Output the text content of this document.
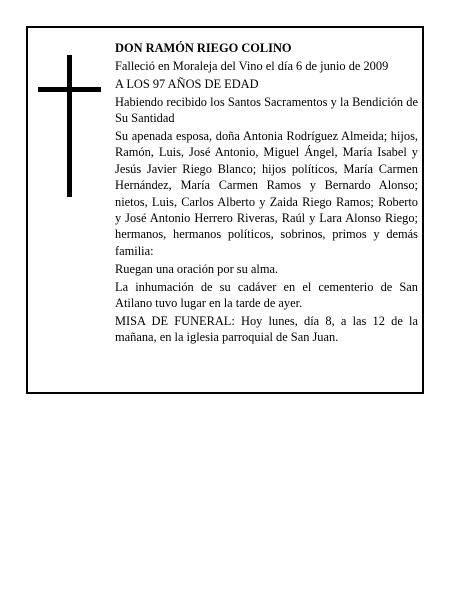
DON RAMÓN RIEGO COLINO

Falleció en Moraleja del Vino el día 6 de junio de 2009

A LOS 97 AÑOS DE EDAD

Habiendo recibido los Santos Sacramentos y la Bendición de Su Santidad

Su apenada esposa, doña Antonia Rodríguez Almeida; hijos, Ramón, Luis, José Antonio, Miguel Ángel, María Isabel y Jesús Javier Riego Blanco; hijos políticos, María Carmen Hernández, María Carmen Ramos y Bernardo Alonso; nietos, Luis, Carlos Alberto y Zaida Riego Ramos; Roberto y José Antonio Herrero Riveras, Raúl y Lara Alonso Riego; hermanos, hermanos políticos, sobrinos, primos y demás familia:

Ruegan una oración por su alma.

La inhumación de su cadáver en el cementerio de San Atilano tuvo lugar en la tarde de ayer.

MISA DE FUNERAL: Hoy lunes, día 8, a las 12 de la mañana, en la iglesia parroquial de San Juan.
